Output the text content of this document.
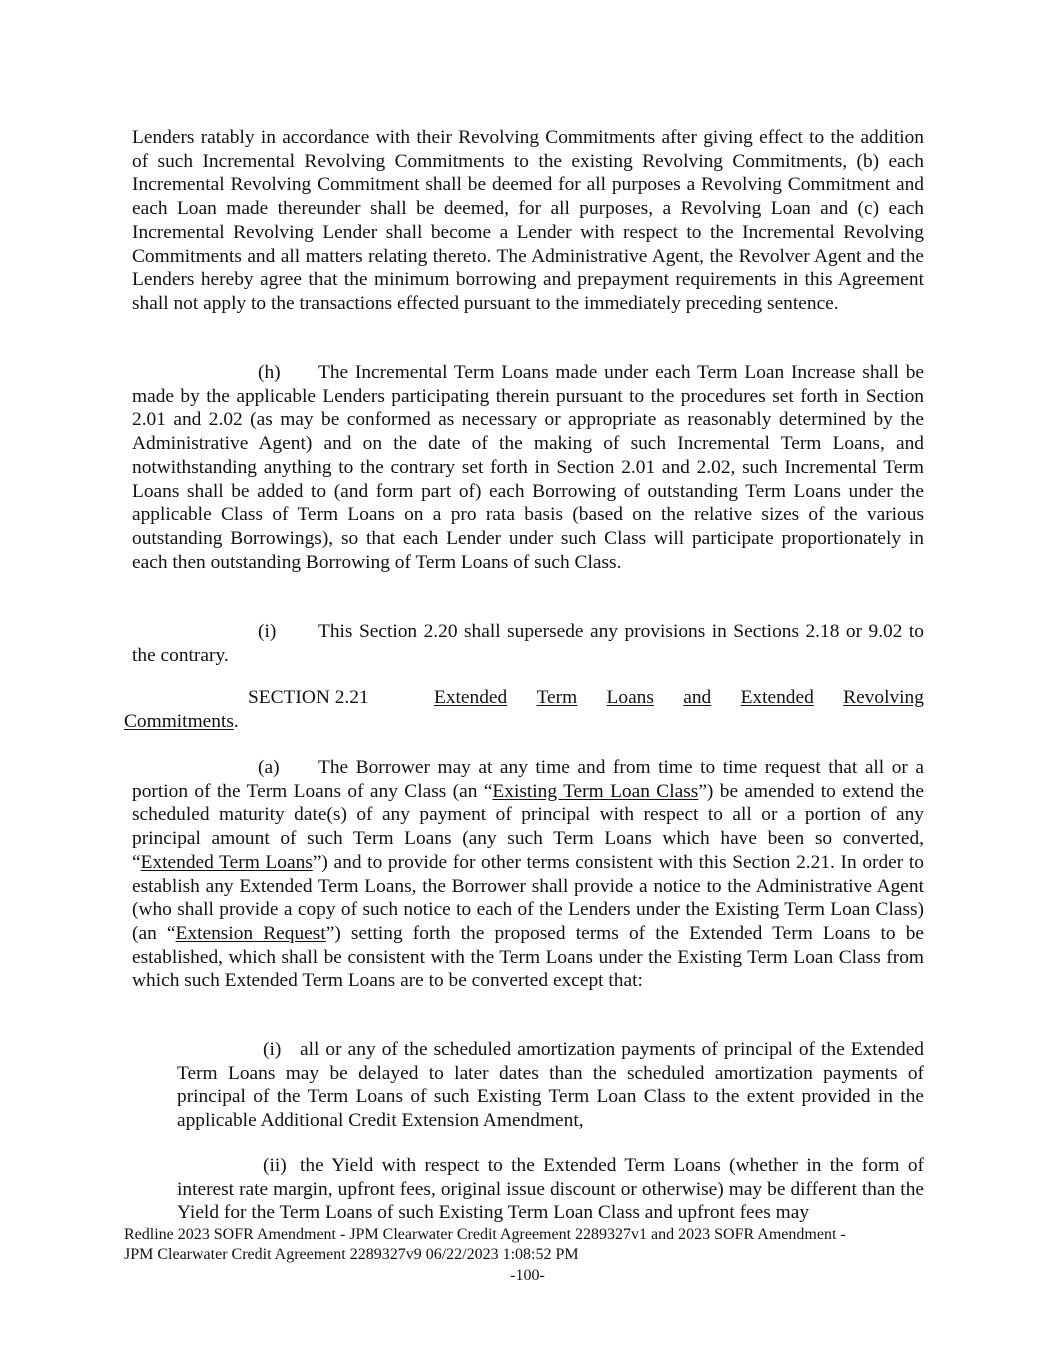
Lenders ratably in accordance with their Revolving Commitments after giving effect to the addition of such Incremental Revolving Commitments to the existing Revolving Commitments, (b) each Incremental Revolving Commitment shall be deemed for all purposes a Revolving Commitment and each Loan made thereunder shall be deemed, for all purposes, a Revolving Loan and (c) each Incremental Revolving Lender shall become a Lender with respect to the Incremental Revolving Commitments and all matters relating thereto. The Administrative Agent, the Revolver Agent and the Lenders hereby agree that the minimum borrowing and prepayment requirements in this Agreement shall not apply to the transactions effected pursuant to the immediately preceding sentence.

(h) The Incremental Term Loans made under each Term Loan Increase shall be made by the applicable Lenders participating therein pursuant to the procedures set forth in Section 2.01 and 2.02 (as may be conformed as necessary or appropriate as reasonably determined by the Administrative Agent) and on the date of the making of such Incremental Term Loans, and notwithstanding anything to the contrary set forth in Section 2.01 and 2.02, such Incremental Term Loans shall be added to (and form part of) each Borrowing of outstanding Term Loans under the applicable Class of Term Loans on a pro rata basis (based on the relative sizes of the various outstanding Borrowings), so that each Lender under such Class will participate proportionately in each then outstanding Borrowing of Term Loans of such Class.

(i) This Section 2.20 shall supersede any provisions in Sections 2.18 or 9.02 to the contrary.

SECTION 2.21	Extended Term Loans and Extended Revolving
Commitments.

(a) The Borrower may at any time and from time to time request that all or a portion of the Term Loans of any Class (an “Existing Term Loan Class”) be amended to extend the scheduled maturity date(s) of any payment of principal with respect to all or a portion of any principal amount of such Term Loans (any such Term Loans which have been so converted, “Extended Term Loans”) and to provide for other terms consistent with this Section 2.21. In order to establish any Extended Term Loans, the Borrower shall provide a notice to the Administrative Agent (who shall provide a copy of such notice to each of the Lenders under the Existing Term Loan Class) (an “Extension Request”) setting forth the proposed terms of the Extended Term Loans to be established, which shall be consistent with the Term Loans under the Existing Term Loan Class from which such Extended Term Loans are to be converted except that:

(i) all or any of the scheduled amortization payments of principal of the Extended Term Loans may be delayed to later dates than the scheduled amortization payments of principal of the Term Loans of such Existing Term Loan Class to the extent provided in the applicable Additional Credit Extension Amendment,

(ii) the Yield with respect to the Extended Term Loans (whether in the form of interest rate margin, upfront fees, original issue discount or otherwise) may be different than the Yield for the Term Loans of such Existing Term Loan Class and upfront fees may

Redline 2023 SOFR Amendment - JPM Clearwater Credit Agreement 2289327v1 and 2023 SOFR Amendment -
JPM Clearwater Credit Agreement 2289327v9 06/22/2023 1:08:52 PM
-100-
